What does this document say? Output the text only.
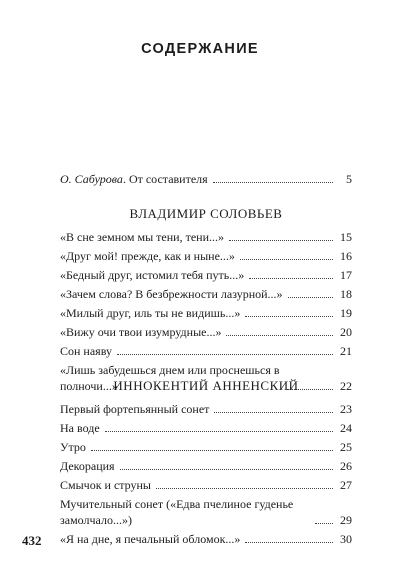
СОДЕРЖАНИЕ
О. Сабурова. От составителя	5
ВЛАДИМИР СОЛОВЬЕВ
«В сне земном мы тени, тени...»	15
«Друг мой! прежде, как и ныне...»	16
«Бедный друг, истомил тебя путь...»	17
«Зачем слова? В безбрежности лазурной...»	18
«Милый друг, иль ты не видишь...»	19
«Вижу очи твои изумрудные...»	20
Сон наяву	21
«Лишь забудешься днем или проснешься в полночи...»	22
ИННОКЕНТИЙ АННЕНСКИЙ
Первый фортепьянный сонет	23
На воде	24
Утро	25
Декорация	26
Смычок и струны	27
Мучительный сонет («Едва пчелиное гуденье замолчало...»)	29
«Я на дне, я печальный обломок...»	30
432
